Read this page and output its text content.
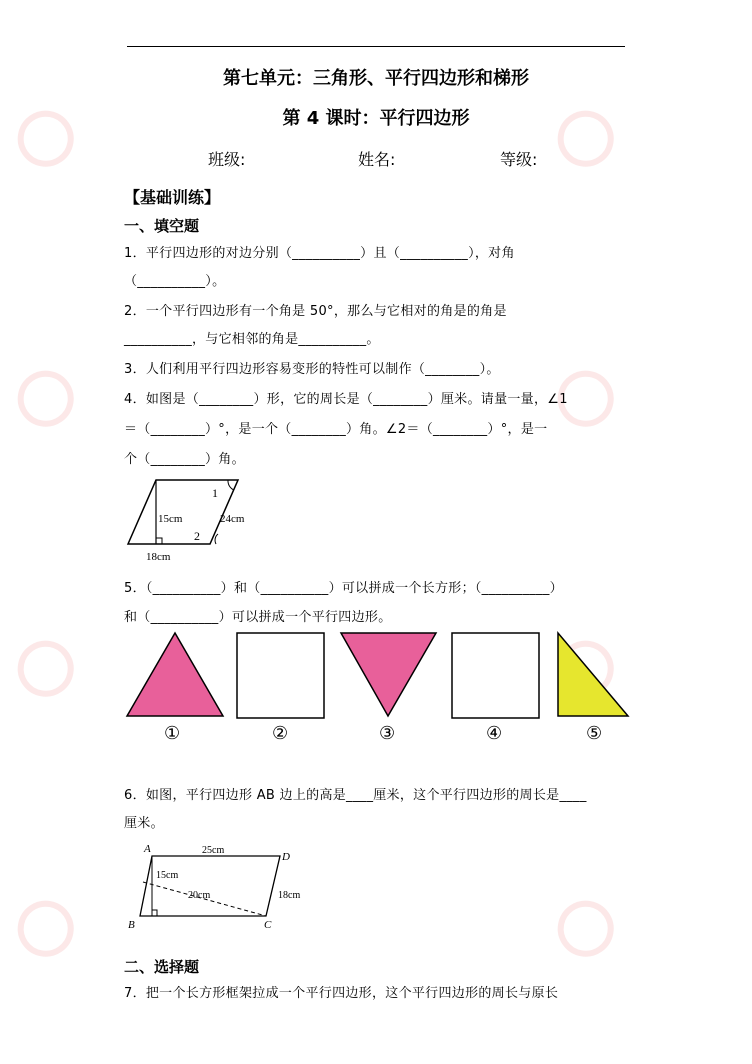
第七单元：三角形、平行四边形和梯形
第 4 课时：平行四边形
班级:	姓名:	等级:
【基础训练】
一、填空题
1．平行四边形的对边分别（__________）且（__________），对角
（__________）。
2．一个平行四边形有一个角是 50°，那么与它相对的角是的角是
__________，与它相邻的角是__________。
3．人们利用平行四边形容易变形的特性可以制作（________）。
4．如图是（________）形，它的周长是（________）厘米。请量一量，∠1
＝（________）°，是一个（________）角。∠2＝（________）°，是一
个（________）角。
1
2
15cm	24cm
18cm
5．（__________）和（__________）可以拼成一个长方形；（__________）
和（__________）可以拼成一个平行四边形。
①	②	③	④	⑤
6．如图，平行四边形 AB 边上的高是____厘米，这个平行四边形的周长是____
厘米。
A
B	C
D
25cm
15cm
20cm	18cm
二、选择题
7．把一个长方形框架拉成一个平行四边形，这个平行四边形的周长与原长
